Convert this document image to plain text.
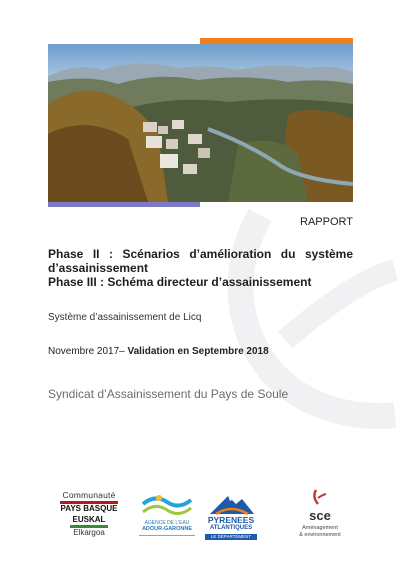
RAPPORT
Phase II : Scénarios d’amélioration du système d’assainissement
Phase III : Schéma directeur d’assainissement
Système d’assainissement de Licq
Novembre 2017– Validation en Septembre 2018
Syndicat d’Assainissement du Pays de Soule
Communauté
PAYS BASQUE
EUSKAL
Elkargoa
AGENCE DE L'EAU
ADOUR-GARONNE
PYRENEES
ATLANTIQUES
LE DÉPARTEMENT
sce
Aménagement
& environnement
